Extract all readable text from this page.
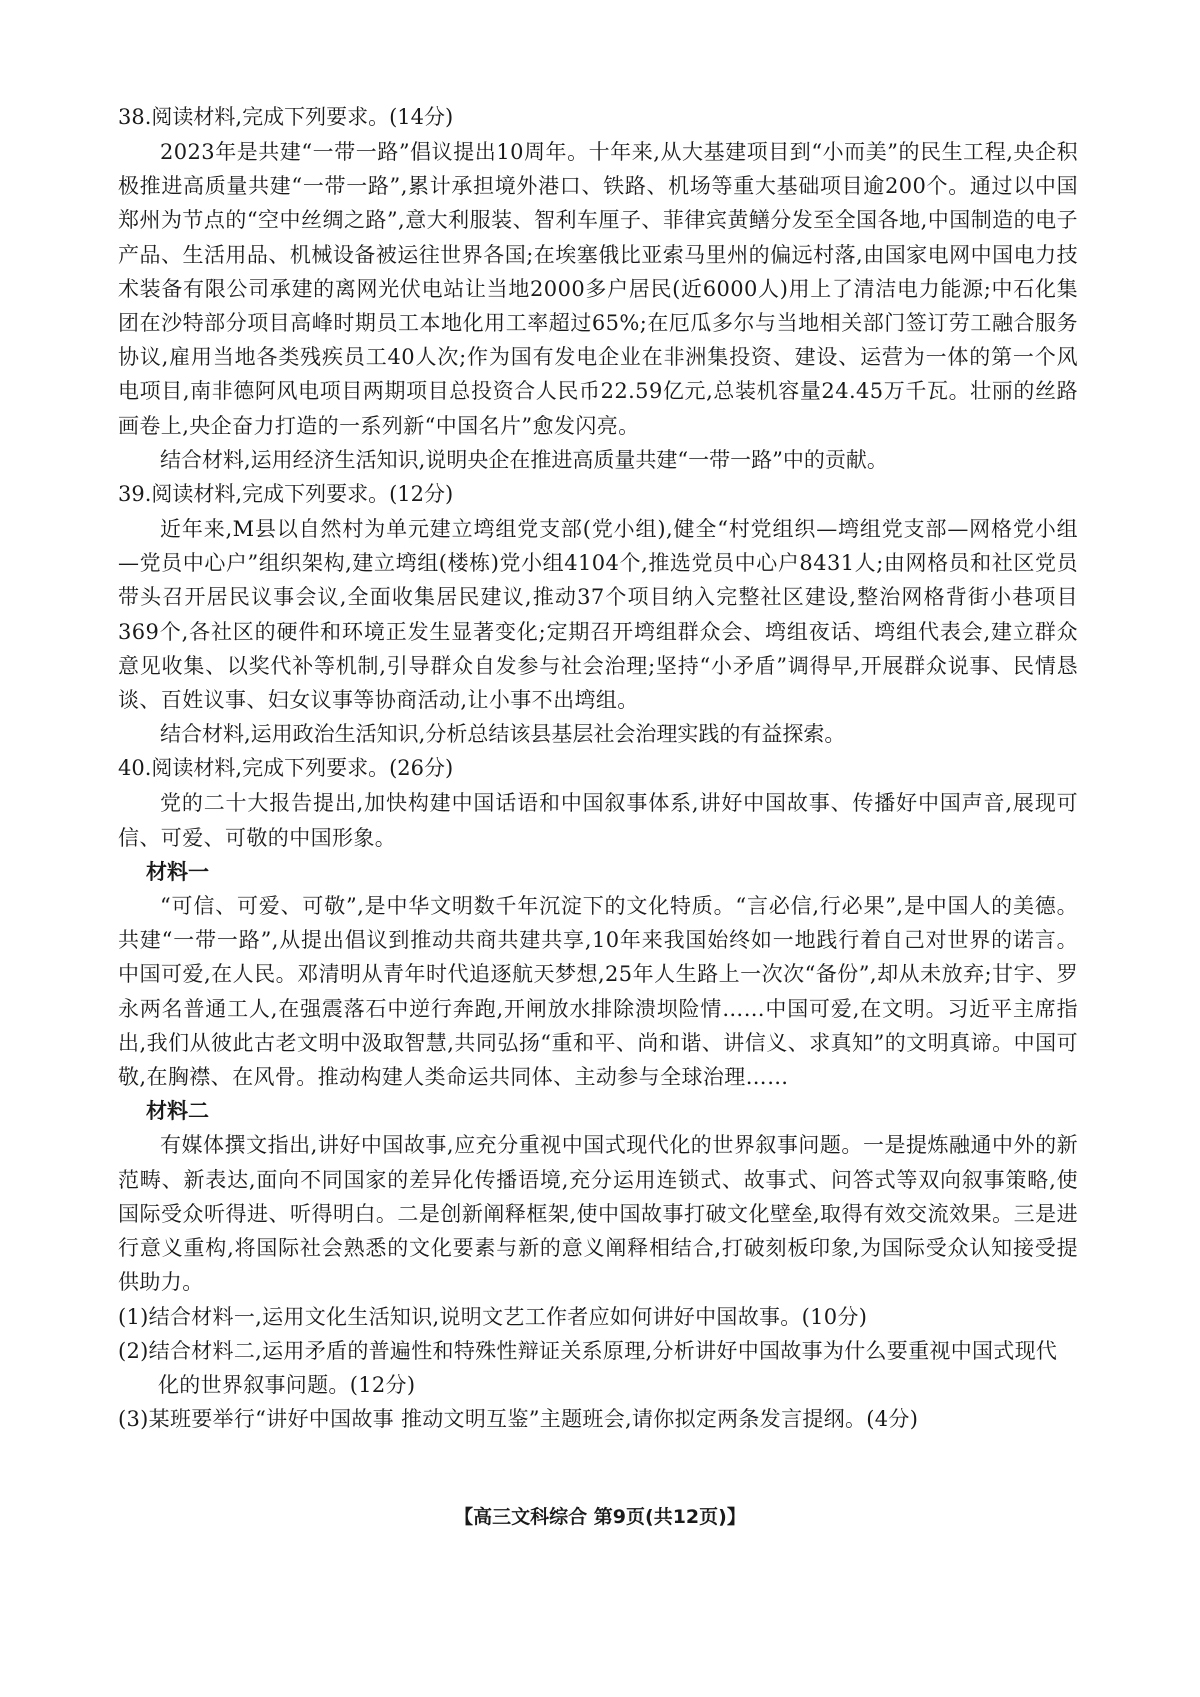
38.阅读材料,完成下列要求。(14分)

2023年是共建“一带一路”倡议提出10周年。十年来,从大基建项目到“小而美”的民生工程,央企积极推进高质量共建“一带一路”,累计承担境外港口、铁路、机场等重大基础项目逾200个。通过以中国郑州为节点的“空中丝绸之路”,意大利服装、智利车厘子、菲律宾黄鳝分发至全国各地,中国制造的电子产品、生活用品、机械设备被运往世界各国;在埃塞俄比亚索马里州的偏远村落,由国家电网中国电力技术装备有限公司承建的离网光伏电站让当地2000多户居民(近6000人)用上了清洁电力能源;中石化集团在沙特部分项目高峰时期员工本地化用工率超过65%;在厄瓜多尔与当地相关部门签订劳工融合服务协议,雇用当地各类残疾员工40人次;作为国有发电企业在非洲集投资、建设、运营为一体的第一个风电项目,南非德阿风电项目两期项目总投资合人民币22.59亿元,总装机容量24.45万千瓦。壮丽的丝路画卷上,央企奋力打造的一系列新“中国名片”愈发闪亮。

结合材料,运用经济生活知识,说明央企在推进高质量共建“一带一路”中的贡献。

39.阅读材料,完成下列要求。(12分)

近年来,M县以自然村为单元建立塆组党支部(党小组),健全“村党组织—塆组党支部—网格党小组—党员中心户”组织架构,建立塆组(楼栋)党小组4104个,推选党员中心户8431人;由网格员和社区党员带头召开居民议事会议,全面收集居民建议,推动37个项目纳入完整社区建设,整治网格背街小巷项目369个,各社区的硬件和环境正发生显著变化;定期召开塆组群众会、塆组夜话、塆组代表会,建立群众意见收集、以奖代补等机制,引导群众自发参与社会治理;坚持“小矛盾”调得早,开展群众说事、民情恳谈、百姓议事、妇女议事等协商活动,让小事不出塆组。

结合材料,运用政治生活知识,分析总结该县基层社会治理实践的有益探索。

40.阅读材料,完成下列要求。(26分)

党的二十大报告提出,加快构建中国话语和中国叙事体系,讲好中国故事、传播好中国声音,展现可信、可爱、可敬的中国形象。

材料一

“可信、可爱、可敬”,是中华文明数千年沉淀下的文化特质。“言必信,行必果”,是中国人的美德。共建“一带一路”,从提出倡议到推动共商共建共享,10年来我国始终如一地践行着自己对世界的诺言。中国可爱,在人民。邓清明从青年时代追逐航天梦想,25年人生路上一次次“备份”,却从未放弃;甘宇、罗永两名普通工人,在强震落石中逆行奔跑,开闸放水排除溃坝险情……中国可爱,在文明。习近平主席指出,我们从彼此古老文明中汲取智慧,共同弘扬“重和平、尚和谐、讲信义、求真知”的文明真谛。中国可敬,在胸襟、在风骨。推动构建人类命运共同体、主动参与全球治理……

材料二

有媒体撰文指出,讲好中国故事,应充分重视中国式现代化的世界叙事问题。一是提炼融通中外的新范畴、新表达,面向不同国家的差异化传播语境,充分运用连锁式、故事式、问答式等双向叙事策略,使国际受众听得进、听得明白。二是创新阐释框架,使中国故事打破文化壁垒,取得有效交流效果。三是进行意义重构,将国际社会熟悉的文化要素与新的意义阐释相结合,打破刻板印象,为国际受众认知接受提供助力。

(1)结合材料一,运用文化生活知识,说明文艺工作者应如何讲好中国故事。(10分)

(2)结合材料二,运用矛盾的普遍性和特殊性辩证关系原理,分析讲好中国故事为什么要重视中国式现代化的世界叙事问题。(12分)

(3)某班要举行“讲好中国故事 推动文明互鉴”主题班会,请你拟定两条发言提纲。(4分)

【高三文科综合 第9页(共12页)】
